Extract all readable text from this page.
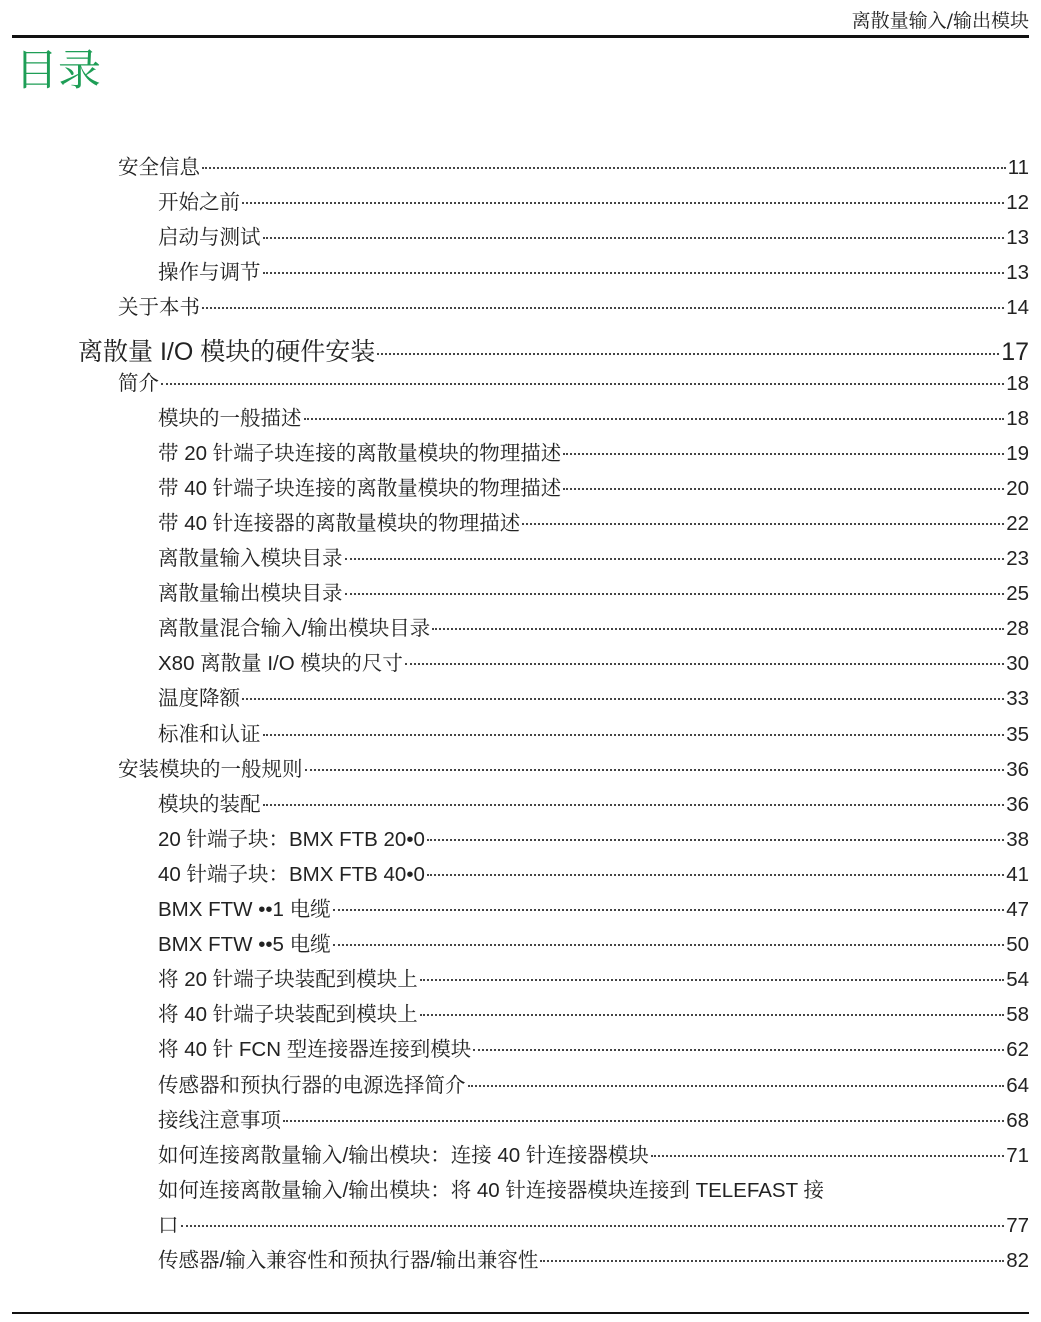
离散量输入/输出模块
目录
安全信息	11
开始之前	12
启动与测试	13
操作与调节	13
关于本书	14
离散量 I/O 模块的硬件安装	17
简介	18
模块的一般描述	18
带 20 针端子块连接的离散量模块的物理描述	19
带 40 针端子块连接的离散量模块的物理描述	20
带 40 针连接器的离散量模块的物理描述	22
离散量输入模块目录	23
离散量输出模块目录	25
离散量混合输入/输出模块目录	28
X80 离散量 I/O 模块的尺寸	30
温度降额	33
标准和认证	35
安装模块的一般规则	36
模块的装配	36
20 针端子块：BMX FTB 20•0	38
40 针端子块：BMX FTB 40•0	41
BMX FTW ••1 电缆	47
BMX FTW ••5 电缆	50
将 20 针端子块装配到模块上	54
将 40 针端子块装配到模块上	58
将 40 针 FCN 型连接器连接到模块	62
传感器和预执行器的电源选择简介	64
接线注意事项	68
如何连接离散量输入/输出模块：连接 40 针连接器模块	71
如何连接离散量输入/输出模块：将 40 针连接器模块连接到 TELEFAST 接
口	77
传感器/输入兼容性和预执行器/输出兼容性	82
